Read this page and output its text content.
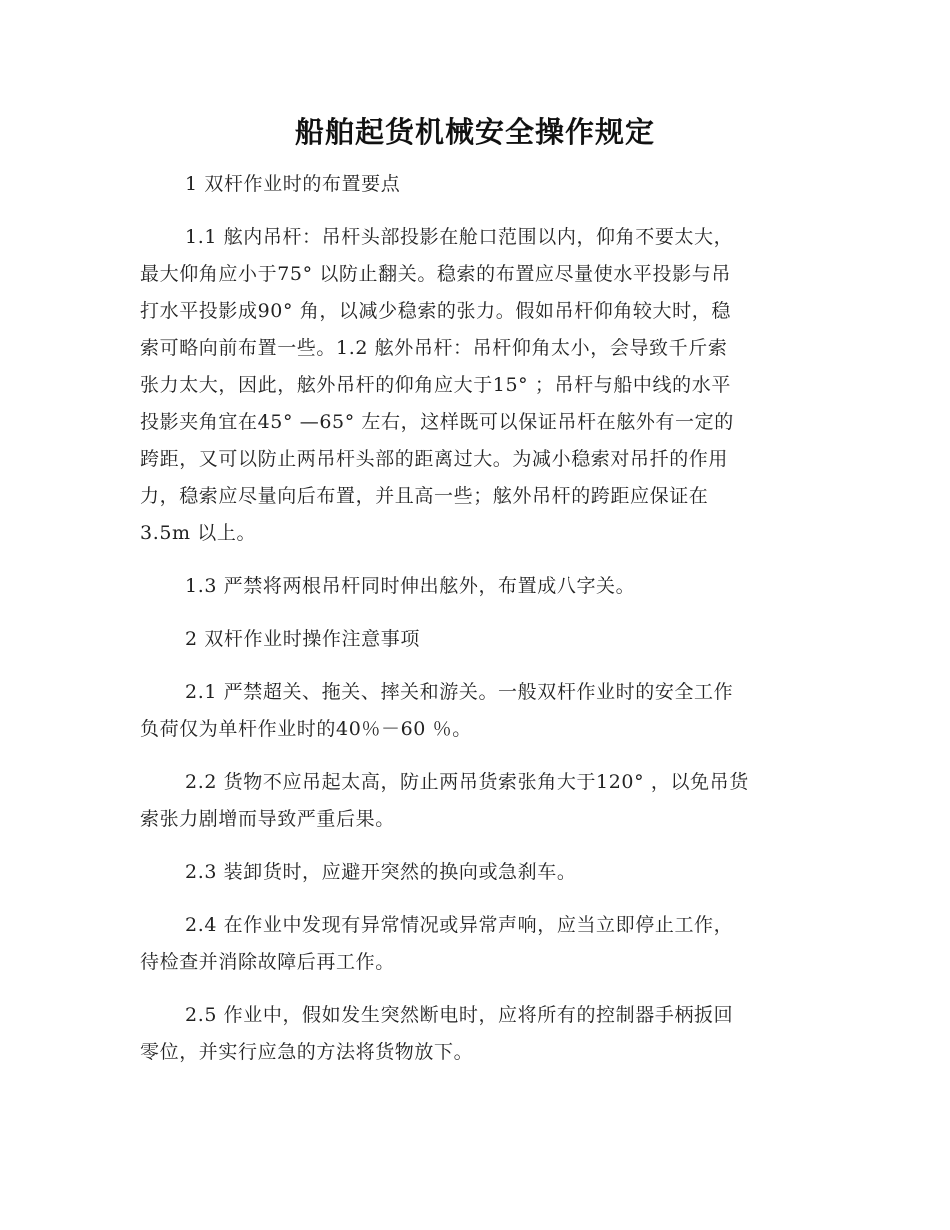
船舶起货机械安全操作规定
1 双杆作业时的布置要点
1.1 舷内吊杆：吊杆头部投影在舱口范围以内，仰角不要太大，
最大仰角应小于75° 以防止翻关。稳索的布置应尽量使水平投影与吊
打水平投影成90° 角，以减少稳索的张力。假如吊杆仰角较大时，稳
索可略向前布置一些。1.2 舷外吊杆：吊杆仰角太小，会导致千斤索
张力太大，因此，舷外吊杆的仰角应大于15° ；吊杆与船中线的水平
投影夹角宜在45° —65° 左右，这样既可以保证吊杆在舷外有一定的
跨距，又可以防止两吊杆头部的距离过大。为减小稳索对吊扦的作用
力，稳索应尽量向后布置，并且高一些；舷外吊杆的跨距应保证在
3.5m 以上。
1.3 严禁将两根吊杆同时伸出舷外，布置成八字关。
2 双杆作业时操作注意事项
2.1 严禁超关、拖关、摔关和游关。一般双杆作业时的安全工作
负荷仅为单杆作业时的40％－60 ％。
2.2 货物不应吊起太高，防止两吊货索张角大于120° ，以免吊货
索张力剧增而导致严重后果。
2.3 装卸货时，应避开突然的换向或急刹车。
2.4 在作业中发现有异常情况或异常声响，应当立即停止工作，
待检查并消除故障后再工作。
2.5 作业中，假如发生突然断电时，应将所有的控制器手柄扳回
零位，并实行应急的方法将货物放下。
